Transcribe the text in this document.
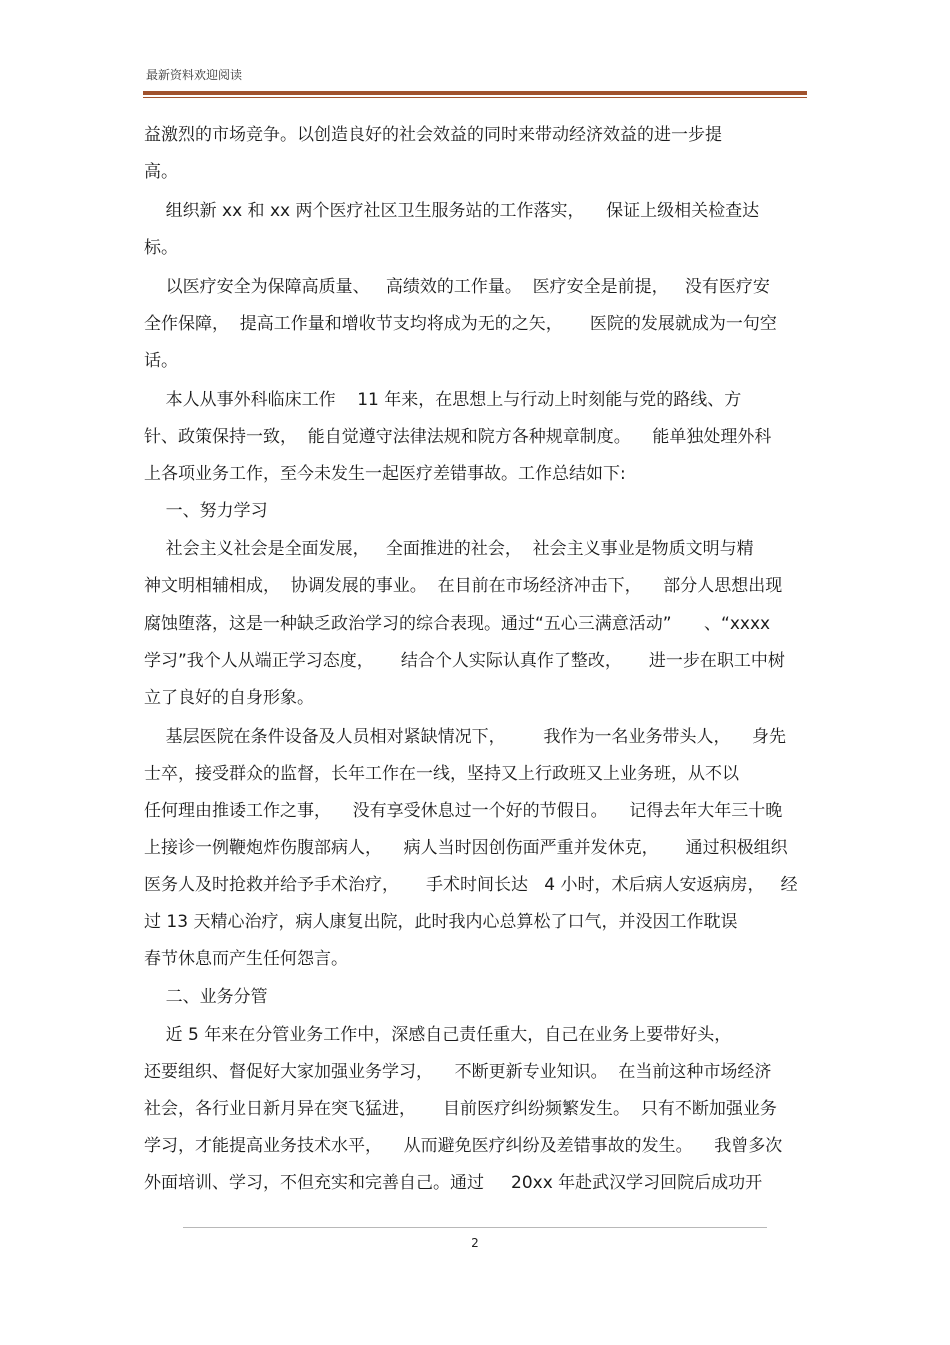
最新资料欢迎阅读
益激烈的市场竞争。以创造良好的社会效益的同时来带动经济效益的进一步提
高。
组织新 xx 和 xx 两个医疗社区卫生服务站的工作落实，    保证上级相关检查达
标。
以医疗安全为保障高质量、   高绩效的工作量。  医疗安全是前提，   没有医疗安
全作保障，  提高工作量和增收节支均将成为无的之矢，     医院的发展就成为一句空
话。
本人从事外科临床工作    11 年来，在思想上与行动上时刻能与党的路线、方
针、政策保持一致，  能自觉遵守法律法规和院方各种规章制度。    能单独处理外科
上各项业务工作，至今未发生一起医疗差错事故。工作总结如下:
一、努力学习
社会主义社会是全面发展，   全面推进的社会，  社会主义事业是物质文明与精
神文明相辅相成，  协调发展的事业。  在目前在市场经济冲击下，    部分人思想出现
腐蚀堕落，这是一种缺乏政治学习的综合表现。通过“五心三满意活动”      、“xxxx
学习”我个人从端正学习态度，     结合个人实际认真作了整改，     进一步在职工中树
立了良好的自身形象。
基层医院在条件设备及人员相对紧缺情况下，       我作为一名业务带头人，    身先
士卒，接受群众的监督，长年工作在一线，坚持又上行政班又上业务班，从不以
任何理由推诿工作之事，    没有享受休息过一个好的节假日。    记得去年大年三十晚
上接诊一例鞭炮炸伤腹部病人，    病人当时因创伤面严重并发休克，     通过积极组织
医务人及时抢救并给予手术治疗，     手术时间长达   4 小时，术后病人安返病房，   经
过 13 天精心治疗，病人康复出院，此时我内心总算松了口气，并没因工作耽误
春节休息而产生任何怨言。
二、业务分管
近 5 年来在分管业务工作中，深感自己责任重大，自己在业务上要带好头，
还要组织、督促好大家加强业务学习，    不断更新专业知识。  在当前这种市场经济
社会，各行业日新月异在突飞猛进，     目前医疗纠纷频繁发生。  只有不断加强业务
学习，才能提高业务技术水平，    从而避免医疗纠纷及差错事故的发生。    我曾多次
外面培训、学习，不但充实和完善自己。通过     20xx 年赴武汉学习回院后成功开
2
